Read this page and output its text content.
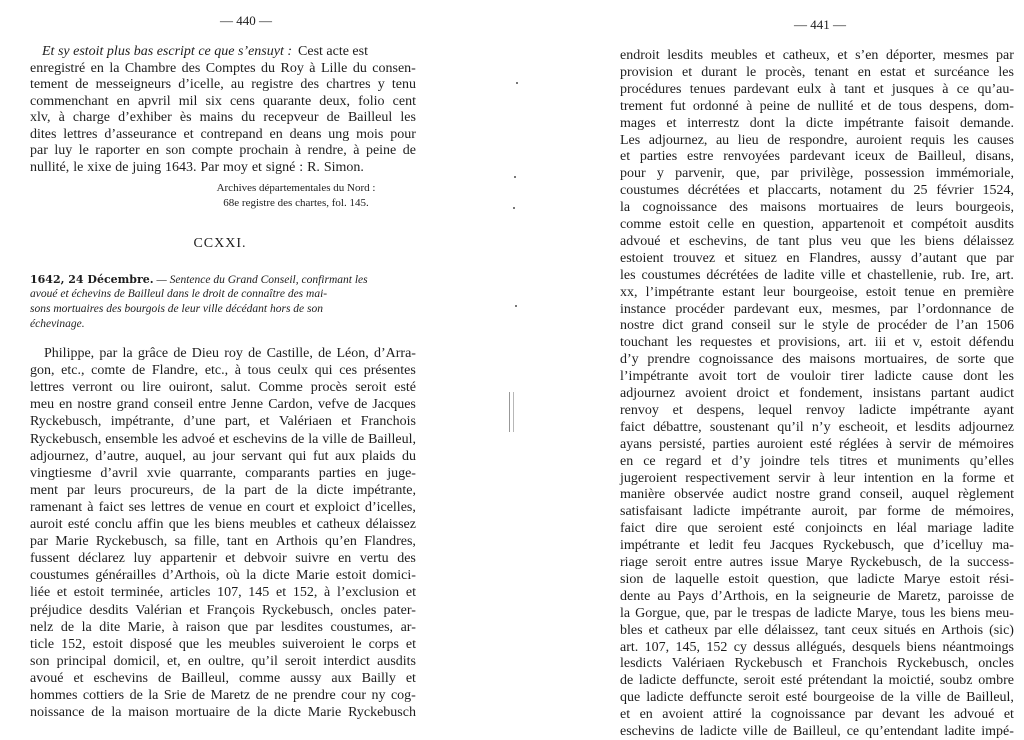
— 440 —
Et sy estoit plus bas escript ce que s’ensuyt : Cest acte est
enregistré en la Chambre des Comptes du Roy à Lille du consen-
tement de messeigneurs d’icelle, au registre des chartres y tenu
commenchant en apvril mil six cens quarante deux, folio cent
xlv, à charge d’exhiber ès mains du recepveur de Bailleul les
dites lettres d’asseurance et contrepand en deans ung mois pour
par luy le raporter en son compte prochain à rendre, à peine de
nullité, le xixe de juing 1643. Par moy et signé : R. Simon.
Archives départementales du Nord :
68e registre des chartes, fol. 145.
CCXXI.
1642, 24 Décembre. — Sentence du Grand Conseil, confirmant les
avoué et échevins de Bailleul dans le droit de connaître des mai-
sons mortuaires des bourgois de leur ville décédant hors de son
échevinage.
Philippe, par la grâce de Dieu roy de Castille, de Léon, d’Arra-
gon, etc., comte de Flandre, etc., à tous ceulx qui ces présentes
lettres verront ou lire ouiront, salut. Comme procès seroit esté
meu en nostre grand conseil entre Jenne Cardon, vefve de Jacques
Ryckebusch, impétrante, d’une part, et Valériaen et Franchois
Ryckebusch, ensemble les advoé et eschevins de la ville de Bailleul,
adjournez, d’autre, auquel, au jour servant qui fut aux plaids du
vingtiesme d’avril xvie quarrante, comparants parties en juge-
ment par leurs procureurs, de la part de la dicte impétrante,
ramenant à faict ses lettres de venue en court et exploict d’icelles,
auroit esté conclu affin que les biens meubles et catheux délaissez
par Marie Ryckebusch, sa fille, tant en Arthois qu’en Flandres,
fussent déclarez luy appartenir et debvoir suivre en vertu des
coustumes générailles d’Arthois, où la dicte Marie estoit domici-
liée et estoit terminée, articles 107, 145 et 152, à l’exclusion et
préjudice desdits Valérian et François Ryckebusch, oncles pater-
nelz de la dite Marie, à raison que par lesdites coustumes, ar-
ticle 152, estoit disposé que les meubles suiveroient le corps et
son principal domicil, et, en oultre, qu’il seroit interdict ausdits
avoué et eschevins de Bailleul, comme aussy aux Bailly et
hommes cottiers de la Srie de Maretz de ne prendre cour ny cog-
noissance de la maison mortuaire de la dicte Marie Ryckebusch
— 441 —
endroit lesdits meubles et catheux, et s’en déporter, mesmes par
provision et durant le procès, tenant en estat et surcéance les
procédures tenues pardevant eulx à tant et jusques à ce qu’au-
trement fut ordonné à peine de nullité et de tous despens, dom-
mages et interrestz dont la dicte impétrante faisoit demande.
Les adjournez, au lieu de respondre, auroient requis les causes
et parties estre renvoyées pardevant iceux de Bailleul, disans,
pour y parvenir, que, par privilège, possession immémoriale,
coustumes décrétées et placcarts, notament du 25 février 1524,
la cognoissance des maisons mortuaires de leurs bourgeois,
comme estoit celle en question, appartenoit et compétoit ausdits
advoué et eschevins, de tant plus veu que les biens délaissez
estoient trouvez et situez en Flandres, aussy d’autant que par
les coustumes décrétées de ladite ville et chastellenie, rub. Ire, art.
xx, l’impétrante estant leur bourgeoise, estoit tenue en première
instance procéder pardevant eux, mesmes, par l’ordonnance de
nostre dict grand conseil sur le style de procéder de l’an 1506
touchant les requestes et provisions, art. iii et v, estoit défendu
d’y prendre cognoissance des maisons mortuaires, de sorte que
l’impétrante avoit tort de vouloir tirer ladicte cause dont les
adjournez avoient droict et fondement, insistans partant audict
renvoy et despens, lequel renvoy ladicte impétrante ayant
faict débattre, soustenant qu’il n’y escheoit, et lesdits adjournez
ayans persisté, parties auroient esté réglées à servir de mémoires
en ce regard et d’y joindre tels titres et muniments qu’elles
jugeroient respectivement servir à leur intention en la forme et
manière observée audict nostre grand conseil, auquel règlement
satisfaisant ladicte impétrante auroit, par forme de mémoires,
faict dire que seroient esté conjoincts en léal mariage ladite
impétrante et ledit feu Jacques Ryckebusch, que d’icelluy ma-
riage seroit entre autres issue Marye Ryckebusch, de la success-
sion de laquelle estoit question, que ladicte Marye estoit rési-
dente au Pays d’Arthois, en la seigneurie de Maretz, paroisse de
la Gorgue, que, par le trespas de ladicte Marye, tous les biens meu-
bles et catheux par elle délaissez, tant ceux situés en Arthois (sic)
art. 107, 145, 152 cy dessus allégués, desquels biens néantmoings
lesdicts Valériaen Ryckebusch et Franchois Ryckebusch, oncles
de ladicte deffuncte, seroit esté prétendant la moictié, soubz ombre
que ladicte deffuncte seroit esté bourgeoise de la ville de Bailleul,
et en avoient attiré la cognoissance par devant les advoué et
eschevins de ladicte ville de Bailleul, ce qu’entendant ladite impé-
